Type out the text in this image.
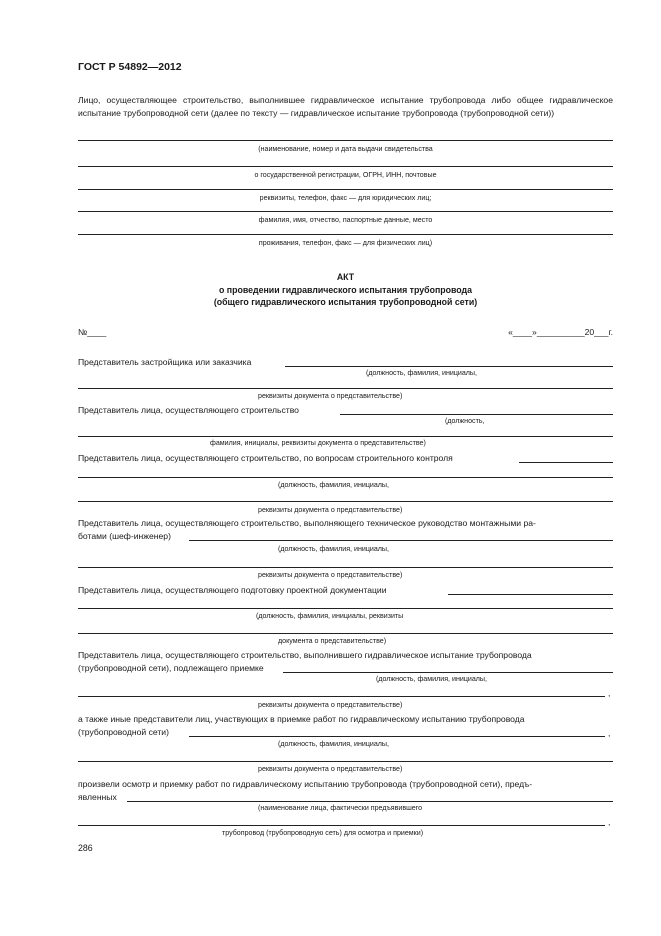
ГОСТ Р 54892—2012
Лицо, осуществляющее строительство, выполнившее гидравлическое испытание трубопровода либо общее гидравлическое испытание трубопроводной сети (далее по тексту — гидравлическое испытание трубопровода (трубопроводной сети))
(наименование, номер и дата выдачи свидетельства
о государственной регистрации, ОГРН, ИНН, почтовые
реквизиты, телефон, факс — для юридических лиц;
фамилия, имя, отчество, паспортные данные, место
проживания, телефон, факс — для физических лиц)
АКТ
о проведении гидравлического испытания трубопровода
(общего гидравлического испытания трубопроводной сети)
№____	«____»__________20___г.
Представитель застройщика или заказчика
(должность, фамилия, инициалы,
реквизиты документа о представительстве)
Представитель лица, осуществляющего строительство
(должность,
фамилия, инициалы, реквизиты документа о представительстве)
Представитель лица, осуществляющего строительство, по вопросам строительного контроля
(должность, фамилия, инициалы,
реквизиты документа о представительстве)
Представитель лица, осуществляющего строительство, выполняющего техническое руководство монтажными ра-
ботами (шеф-инженер)
(должность, фамилия, инициалы,
реквизиты документа о представительстве)
Представитель лица, осуществляющего подготовку проектной документации
(должность, фамилия, инициалы, реквизиты
документа о представительстве)
Представитель лица, осуществляющего строительство, выполнившего гидравлическое испытание трубопровода
(трубопроводной сети), подлежащего приемке
(должность, фамилия, инициалы,
,
реквизиты документа о представительстве)
а также иные представители лиц, участвующих в приемке работ по гидравлическому испытанию трубопровода
(трубопроводной сети)	,
(должность, фамилия, инициалы,
реквизиты документа о представительстве)
произвели осмотр и приемку работ по гидравлическому испытанию трубопровода (трубопроводной сети), предъ-
явленных
(наименование лица, фактически предъявившего
,
трубопровод (трубопроводную сеть) для осмотра и приемки)
286
